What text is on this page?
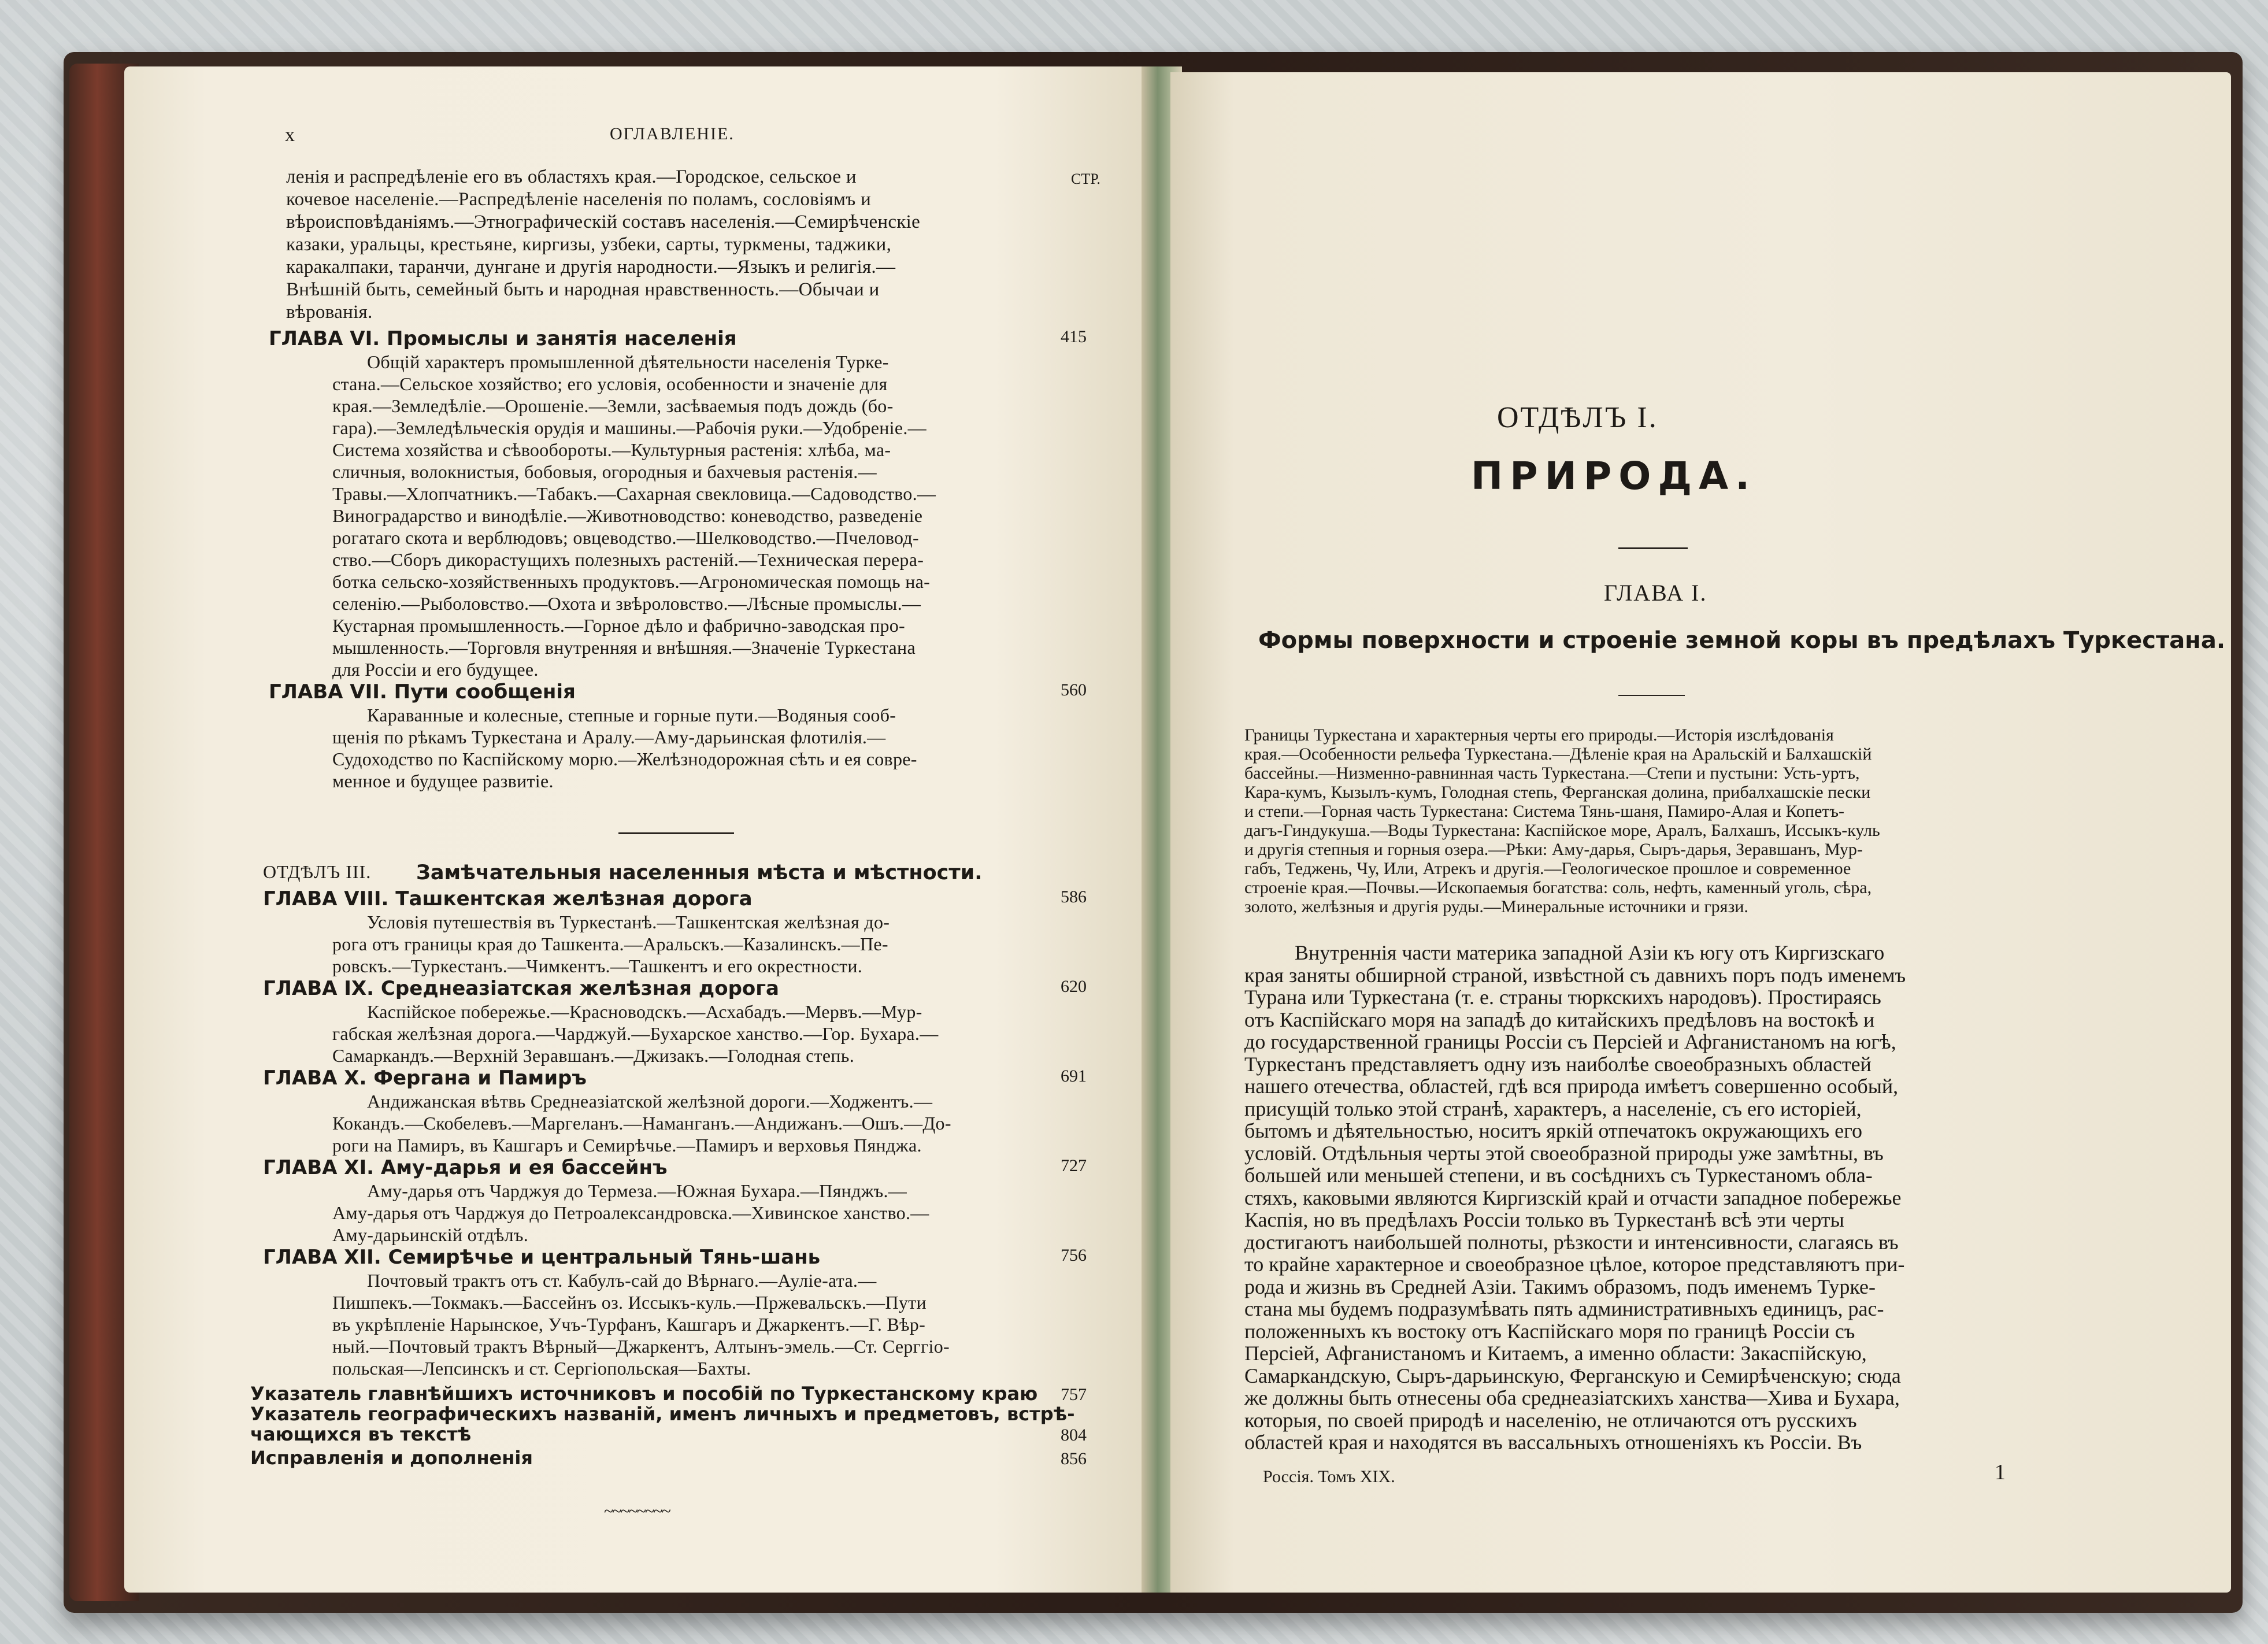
x	ОГЛАВЛЕНІЕ.
СТР.
ленія и распредѣленіе его въ областяхъ края.—Городское, сельское и
кочевое населеніе.—Распредѣленіе населенія по поламъ, сословіямъ и
вѣроисповѣданіямъ.—Этнографическій составъ населенія.—Семирѣченскіе
казаки, уральцы, крестьяне, киргизы, узбеки, сарты, туркмены, таджики,
каракалпаки, таранчи, дунгане и другія народности.—Языкъ и религія.—
Внѣшній быть, семейный быть и народная нравственность.—Обычаи и
вѣрованія.
ГЛАВА VI. Промыслы и занятія населенія	415
Общій характеръ промышленной дѣятельности населенія Турке-
стана.—Сельское хозяйство; его условія, особенности и значеніе для
края.—Земледѣліе.—Орошеніе.—Земли, засѣваемыя подъ дождь (бо-
гара).—Земледѣльческія орудія и машины.—Рабочія руки.—Удобреніе.—
Система хозяйства и сѣвообороты.—Культурныя растенія: хлѣба, ма-
сличныя, волокнистыя, бобовыя, огородныя и бахчевыя растенія.—
Травы.—Хлопчатникъ.—Табакъ.—Сахарная свекловица.—Садоводство.—
Виноградарство и винодѣліе.—Животноводство: коневодство, разведеніе
рогатаго скота и верблюдовъ; овцеводство.—Шелководство.—Пчеловод-
ство.—Сборъ дикорастущихъ полезныхъ растеній.—Техническая перера-
ботка сельско-хозяйственныхъ продуктовъ.—Агрономическая помощь на-
селенію.—Рыболовство.—Охота и звѣроловство.—Лѣсные промыслы.—
Кустарная промышленность.—Горное дѣло и фабрично-заводская про-
мышленность.—Торговля внутренняя и внѣшняя.—Значеніе Туркестана
для Россіи и его будущее.
ГЛАВА VII. Пути сообщенія	560
Караванные и колесные, степные и горные пути.—Водяныя сооб-
щенія по рѣкамъ Туркестана и Аралу.—Аму-дарьинская флотилія.—
Судоходство по Каспійскому морю.—Желѣзнодорожная сѣть и ея совре-
менное и будущее развитіе.
ОТДѢЛЪ III. Замѣчательныя населенныя мѣста и мѣстности.
ГЛАВА VIII. Ташкентская желѣзная дорога	586
Условія путешествія въ Туркестанѣ.—Ташкентская желѣзная до-
рога отъ границы края до Ташкента.—Аральскъ.—Казалинскъ.—Пе-
ровскъ.—Туркестанъ.—Чимкентъ.—Ташкентъ и его окрестности.
ГЛАВА IX. Среднеазіатская желѣзная дорога	620
Каспійское побережье.—Красноводскъ.—Асхабадъ.—Мервъ.—Мур-
габская желѣзная дорога.—Чарджуй.—Бухарское ханство.—Гор. Бухара.—
Самаркандъ.—Верхній Зеравшанъ.—Джизакъ.—Голодная степь.
ГЛАВА X. Фергана и Памиръ	691
Андижанская вѣтвь Среднеазіатской желѣзной дороги.—Ходжентъ.—
Кокандъ.—Скобелевъ.—Маргеланъ.—Наманганъ.—Андижанъ.—Ошъ.—До-
роги на Памиръ, въ Кашгаръ и Семирѣчье.—Памиръ и верховья Пянджа.
ГЛАВА XI. Аму-дарья и ея бассейнъ	727
Аму-дарья отъ Чарджуя до Термеза.—Южная Бухара.—Пянджъ.—
Аму-дарья отъ Чарджуя до Петроалександровска.—Хивинское ханство.—
Аму-дарьинскій отдѣлъ.
ГЛАВА XII. Семирѣчье и центральный Тянь-шань	756
Почтовый трактъ отъ ст. Кабулъ-сай до Вѣрнаго.—Ауліе-ата.—
Пишпекъ.—Токмакъ.—Бассейнъ оз. Иссыкъ-куль.—Пржевальскъ.—Пути
въ укрѣпленіе Нарынское, Учъ-Турфанъ, Кашгаръ и Джаркентъ.—Г. Вѣр-
ный.—Почтовый трактъ Вѣрный—Джаркентъ, Алтынъ-эмель.—Ст. Серггіо-
польская—Лепсинскъ и ст. Сергіопольская—Бахты.
Указатель главнѣйшихъ источниковъ и пособій по Туркестанскому краю 757
Указатель географическихъ названій, именъ личныхъ и предметовъ, встрѣ-
чающихся въ текстѣ	804
Исправленія и дополненія	856
~~~~~~~~
ОТДѢЛЪ I.
ПРИРОДА.
ГЛАВА I.
Формы поверхности и строеніе земной коры въ предѣлахъ Туркестана.
Границы Туркестана и характерныя черты его природы.—Исторія изслѣдованія
края.—Особенности рельефа Туркестана.—Дѣленіе края на Аральскій и Балхашскій
бассейны.—Низменно-равнинная часть Туркестана.—Степи и пустыни: Усть-уртъ,
Кара-кумъ, Кызылъ-кумъ, Голодная степь, Ферганская долина, прибалхашскіе пески
и степи.—Горная часть Туркестана: Система Тянь-шаня, Памиро-Алая и Копетъ-
дагъ-Гиндукуша.—Воды Туркестана: Каспійское море, Аралъ, Балхашъ, Иссыкъ-куль
и другія степныя и горныя озера.—Рѣки: Аму-дарья, Сыръ-дарья, Зеравшанъ, Мур-
габъ, Теджень, Чу, Или, Атрекъ и другія.—Геологическое прошлое и современное
строеніе края.—Почвы.—Ископаемыя богатства: соль, нефть, каменный уголь, сѣра,
золото, желѣзныя и другія руды.—Минеральные источники и грязи.
Внутреннія части материка западной Азіи къ югу отъ Киргизскаго
края заняты обширной страной, извѣстной съ давнихъ поръ подъ именемъ
Турана или Туркестана (т. е. страны тюркскихъ народовъ). Простираясь
отъ Каспійскаго моря на западѣ до китайскихъ предѣловъ на востокѣ и
до государственной границы Россіи съ Персіей и Афганистаномъ на югѣ,
Туркестанъ представляетъ одну изъ наиболѣе своеобразныхъ областей
нашего отечества, областей, гдѣ вся природа имѣетъ совершенно особый,
присущій только этой странѣ, характеръ, а населеніе, съ его исторіей,
бытомъ и дѣятельностью, носитъ яркій отпечатокъ окружающихъ его
условій. Отдѣльныя черты этой своеобразной природы уже замѣтны, въ
большей или меньшей степени, и въ сосѣднихъ съ Туркестаномъ обла-
стяхъ, каковыми являются Киргизскій край и отчасти западное побережье
Каспія, но въ предѣлахъ Россіи только въ Туркестанѣ всѣ эти черты
достигаютъ наибольшей полноты, рѣзкости и интенсивности, слагаясь въ
то крайне характерное и своеобразное цѣлое, которое представляютъ при-
рода и жизнь въ Средней Азіи. Такимъ образомъ, подъ именемъ Турке-
стана мы будемъ подразумѣвать пять административныхъ единицъ, рас-
положенныхъ къ востоку отъ Каспійскаго моря по границѣ Россіи съ
Персіей, Афганистаномъ и Китаемъ, а именно области: Закаспійскую,
Самаркандскую, Сыръ-дарьинскую, Ферганскую и Семирѣченскую; сюда
же должны быть отнесены оба среднеазіатскихъ ханства—Хива и Бухара,
которыя, по своей природѣ и населенію, не отличаются отъ русскихъ
областей края и находятся въ вассальныхъ отношеніяхъ къ Россіи. Въ
Россія. Томъ XIX.	1
